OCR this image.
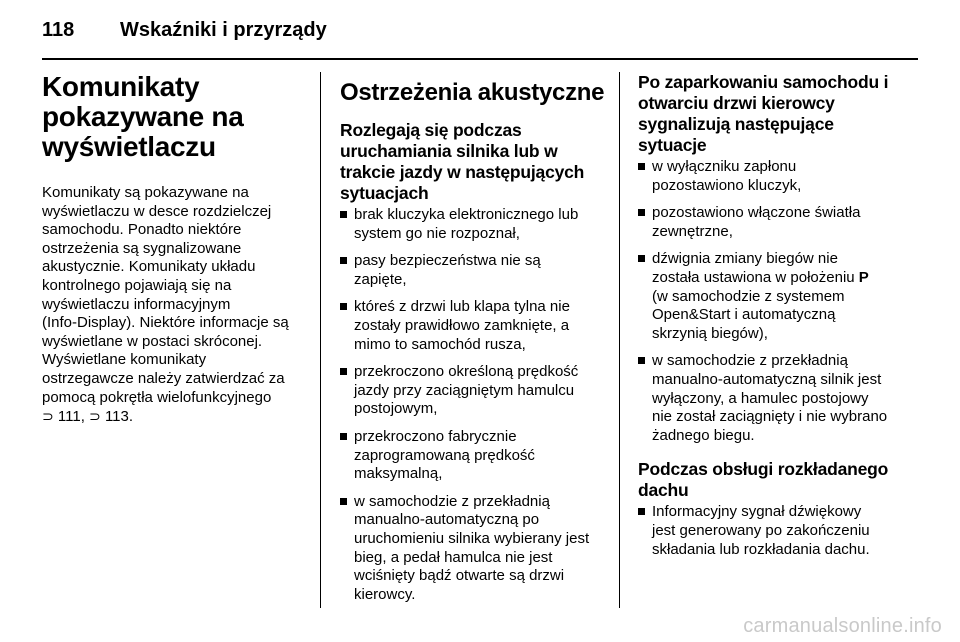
118	Wskaźniki i przyrządy
Komunikaty
pokazywane na
wyświetlaczu

Komunikaty są pokazywane na
wyświetlaczu w desce rozdzielczej
samochodu. Ponadto niektóre
ostrzeżenia są sygnalizowane
akustycznie. Komunikaty układu
kontrolnego pojawiają się na
wyświetlaczu informacyjnym
(Info-Display). Niektóre informacje są
wyświetlane w postaci skróconej.
Wyświetlane komunikaty
ostrzegawcze należy zatwierdzać za
pomocą pokrętła wielofunkcyjnego
⊃ 111, ⊃ 113.

Ostrzeżenia akustyczne
Rozlegają się podczas
uruchamiania silnika lub w
trakcie jazdy w następujących
sytuacjach
brak kluczyka elektronicznego lub
system go nie rozpoznał,
pasy bezpieczeństwa nie są
zapięte,
któreś z drzwi lub klapa tylna nie
zostały prawidłowo zamknięte, a
mimo to samochód rusza,
przekroczono określoną prędkość
jazdy przy zaciągniętym hamulcu
postojowym,
przekroczono fabrycznie
zaprogramowaną prędkość
maksymalną,
w samochodzie z przekładnią
manualno-automatyczną po
uruchomieniu silnika wybierany jest
bieg, a pedał hamulca nie jest
wciśnięty bądź otwarte są drzwi
kierowcy.
Po zaparkowaniu samochodu i
otwarciu drzwi kierowcy
sygnalizują następujące
sytuacje
w wyłączniku zapłonu
pozostawiono kluczyk,
pozostawiono włączone światła
zewnętrzne,
dźwignia zmiany biegów nie
została ustawiona w położeniu P
(w samochodzie z systemem
Open&Start i automatyczną
skrzynią biegów),
w samochodzie z przekładnią
manualno-automatyczną silnik jest
wyłączony, a hamulec postojowy
nie został zaciągnięty i nie wybrano
żadnego biegu.
Podczas obsługi rozkładanego
dachu
Informacyjny sygnał dźwiękowy
jest generowany po zakończeniu
składania lub rozkładania dachu.
carmanualsonline.info
